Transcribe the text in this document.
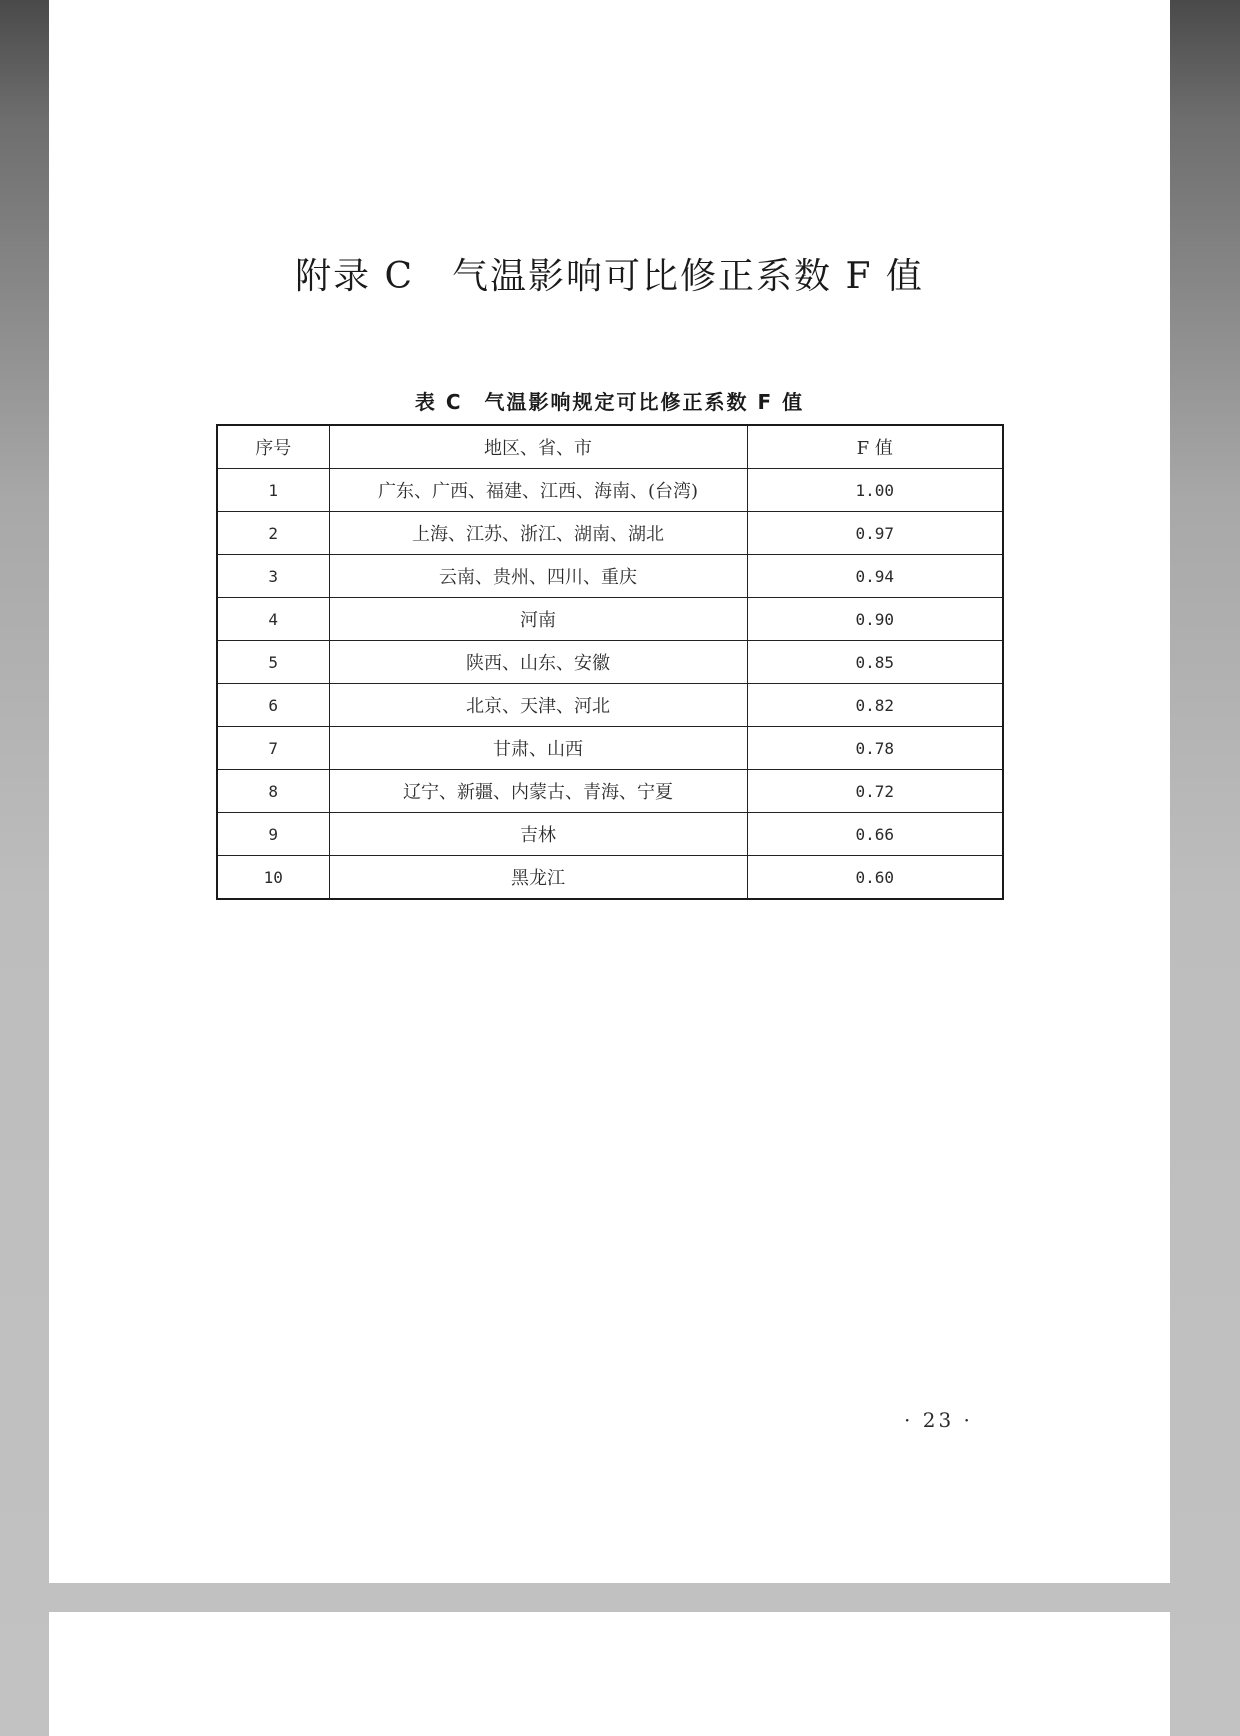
附录 C　气温影响可比修正系数 F 值
表 C　气温影响规定可比修正系数 F 值
序号	地区、省、市	F 值
1	广东、广西、福建、江西、海南、(台湾)	1.00
2	上海、江苏、浙江、湖南、湖北	0.97
3	云南、贵州、四川、重庆	0.94
4	河南	0.90
5	陕西、山东、安徽	0.85
6	北京、天津、河北	0.82
7	甘肃、山西	0.78
8	辽宁、新疆、内蒙古、青海、宁夏	0.72
9	吉林	0.66
10	黑龙江	0.60
· 23 ·
